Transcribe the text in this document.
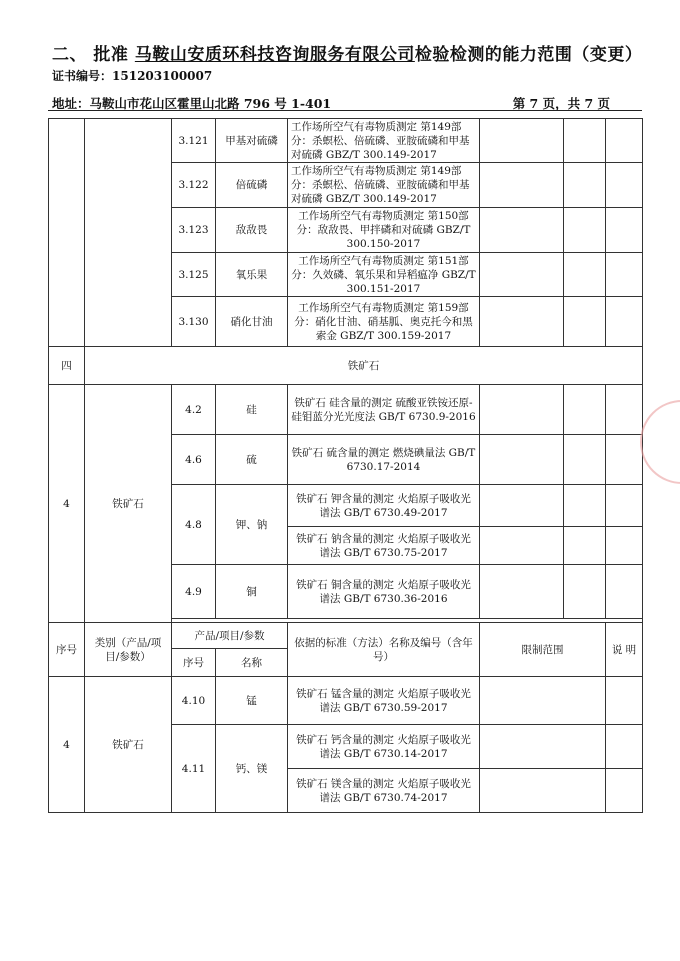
二、 批准 马鞍山安质环科技咨询服务有限公司检验检测的能力范围（变更）
证书编号：151203100007
地址：马鞍山市花山区霍里山北路 796 号 1-401	第 7 页，共 7 页
		3.121	甲基对硫磷	工作场所空气有毒物质测定 第149部分：杀螟松、倍硫磷、亚胺硫磷和甲基对硫磷 GBZ/T 300.149-2017			
		3.122	倍硫磷	工作场所空气有毒物质测定 第149部分：杀螟松、倍硫磷、亚胺硫磷和甲基对硫磷 GBZ/T 300.149-2017			
		3.123	敌敌畏	工作场所空气有毒物质测定 第150部分：敌敌畏、甲拌磷和对硫磷 GBZ/T 300.150-2017			
		3.125	氧乐果	工作场所空气有毒物质测定 第151部分：久效磷、氧乐果和异稻瘟净 GBZ/T 300.151-2017			
		3.130	硝化甘油	工作场所空气有毒物质测定 第159部分：硝化甘油、硝基胍、奥克托今和黑索金 GBZ/T 300.159-2017			
四	铁矿石						
4	铁矿石	4.2	硅	铁矿石 硅含量的测定 硫酸亚铁铵还原-硅钼蓝分光光度法 GB/T 6730.9-2016			
		4.6	硫	铁矿石 硫含量的测定 燃烧碘量法 GB/T 6730.17-2014			
		4.8	钾、钠	铁矿石 钾含量的测定 火焰原子吸收光谱法 GB/T 6730.49-2017			
				铁矿石 钠含量的测定 火焰原子吸收光谱法 GB/T 6730.75-2017			
		4.9	铜	铁矿石 铜含量的测定 火焰原子吸收光谱法 GB/T 6730.36-2016			

序号	类别（产品/项目/参数）	产品/项目/参数		依据的标准（方法）名称及编号（含年号）	限制范围		说 明
		序号	名称				
4	铁矿石	4.10	锰	铁矿石 锰含量的测定 火焰原子吸收光谱法 GB/T 6730.59-2017			
		4.11	钙、镁	铁矿石 钙含量的测定 火焰原子吸收光谱法 GB/T 6730.14-2017			
				铁矿石 镁含量的测定 火焰原子吸收光谱法 GB/T 6730.74-2017			
